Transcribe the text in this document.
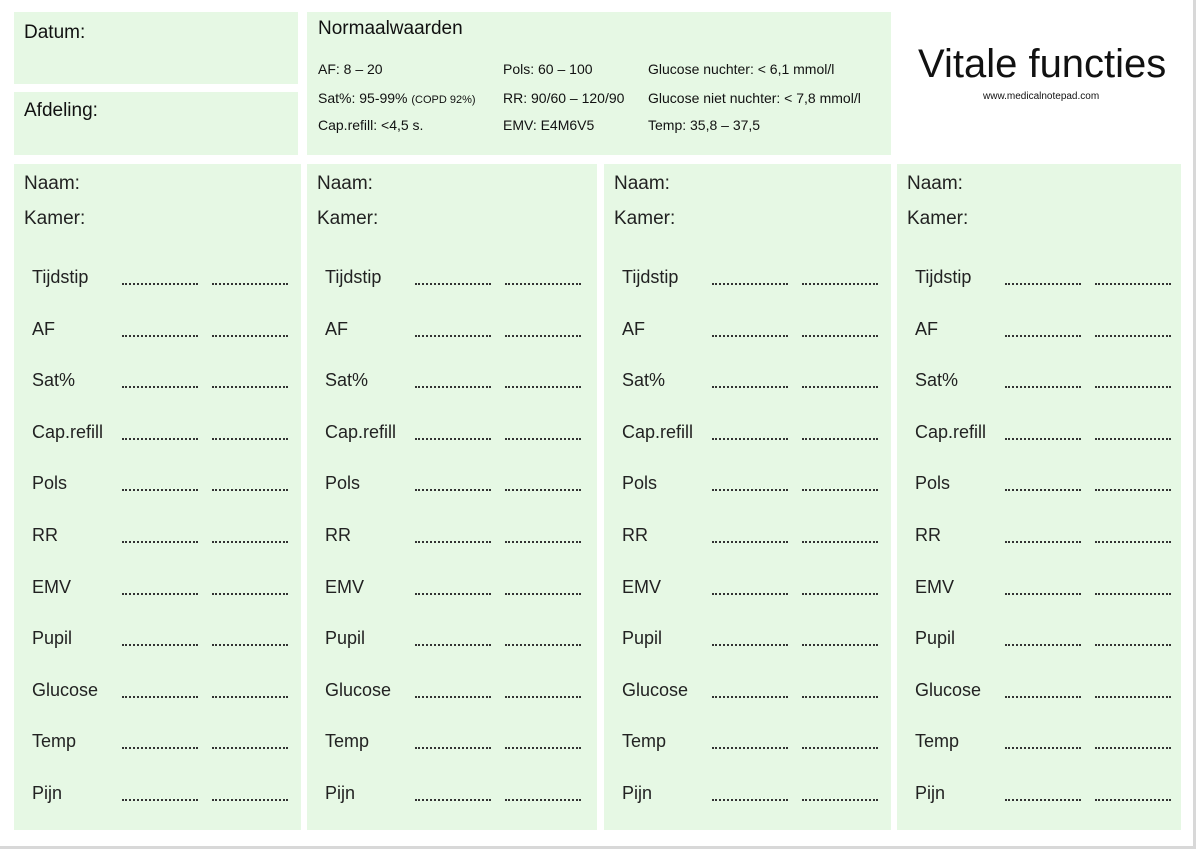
Datum:
Afdeling:
Normaalwaarden
AF: 8 – 20
Sat%: 95-99% (COPD 92%)
Cap.refill: <4,5 s.
Pols: 60 – 100
RR: 90/60 – 120/90
EMV: E4M6V5
Glucose nuchter: < 6,1 mmol/l
Glucose niet nuchter: < 7,8 mmol/l
Temp: 35,8 – 37,5
Vitale functies
www.medicalnotepad.com
Naam:
Kamer:
Tijdstip
AF
Sat%
Cap.refill
Pols
RR
EMV
Pupil
Glucose
Temp
Pijn
Naam:
Kamer:
Tijdstip
AF
Sat%
Cap.refill
Pols
RR
EMV
Pupil
Glucose
Temp
Pijn
Naam:
Kamer:
Tijdstip
AF
Sat%
Cap.refill
Pols
RR
EMV
Pupil
Glucose
Temp
Pijn
Naam:
Kamer:
Tijdstip
AF
Sat%
Cap.refill
Pols
RR
EMV
Pupil
Glucose
Temp
Pijn
